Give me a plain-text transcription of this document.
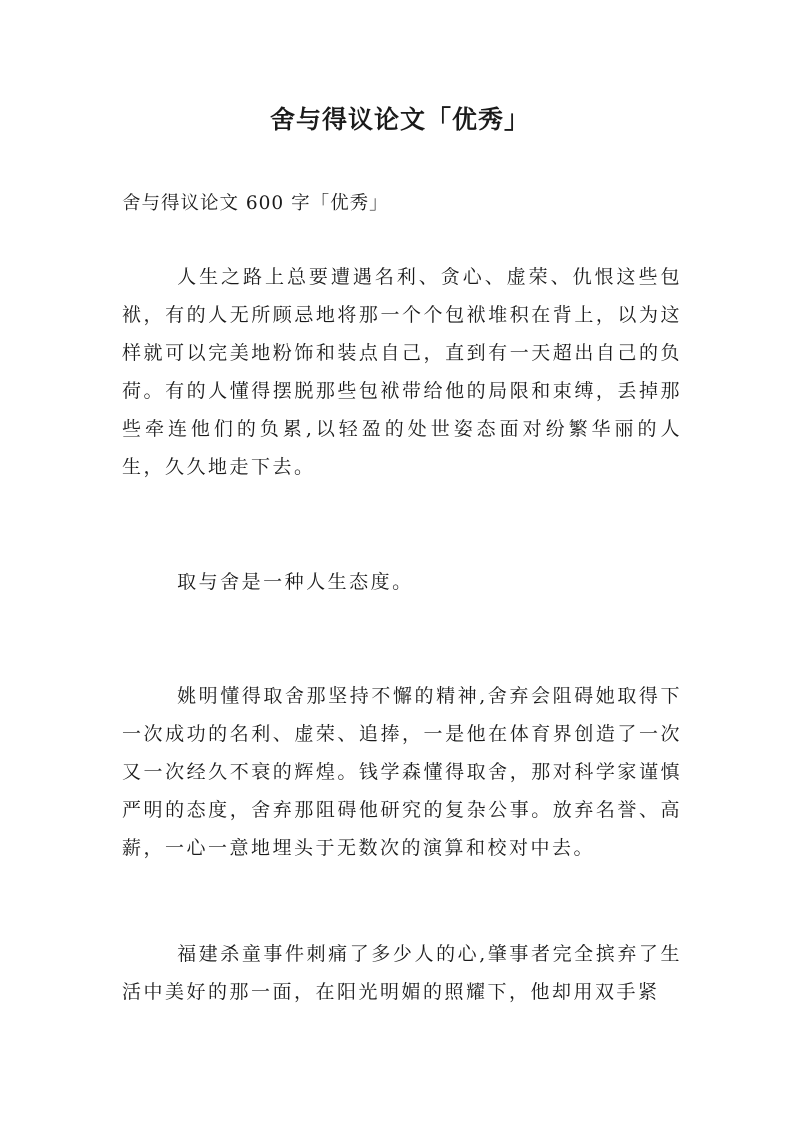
舍与得议论文「优秀」
舍与得议论文 600 字「优秀」

人生之路上总要遭遇名利、贪心、虚荣、仇恨这些包袱，有的人无所顾忌地将那一个个包袱堆积在背上，以为这样就可以完美地粉饰和装点自己，直到有一天超出自己的负荷。有的人懂得摆脱那些包袱带给他的局限和束缚，丢掉那些牵连他们的负累,以轻盈的处世姿态面对纷繁华丽的人生，久久地走下去。

取与舍是一种人生态度。

姚明懂得取舍那坚持不懈的精神,舍弃会阻碍她取得下一次成功的名利、虚荣、追捧，一是他在体育界创造了一次又一次经久不衰的辉煌。钱学森懂得取舍，那对科学家谨慎严明的态度，舍弃那阻碍他研究的复杂公事。放弃名誉、高薪，一心一意地埋头于无数次的演算和校对中去。

福建杀童事件刺痛了多少人的心,肇事者完全摈弃了生活中美好的那一面，在阳光明媚的照耀下，他却用双手紧
